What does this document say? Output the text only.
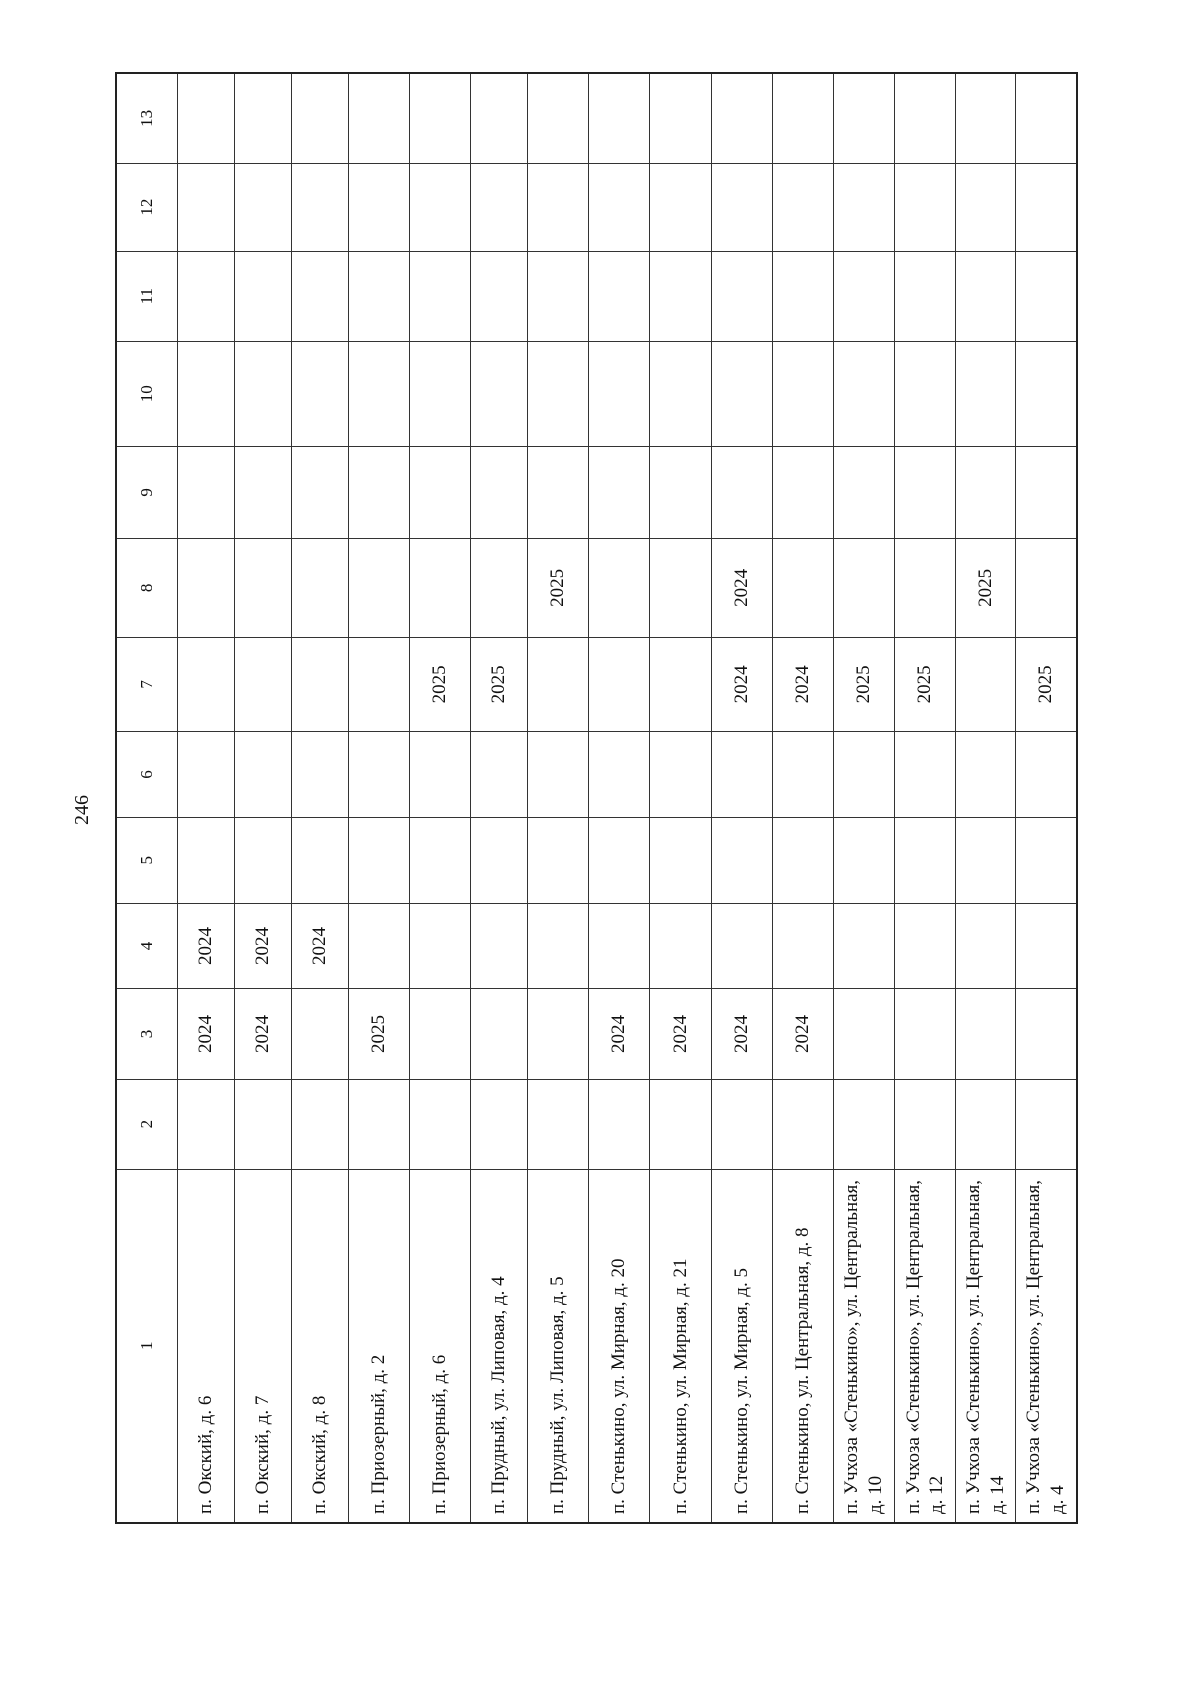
246
1	2	3	4	5	6	7	8	9	10	11	12	13
п. Окский, д. 6		2024	2024									
п. Окский, д. 7		2024	2024									
п. Окский, д. 8			2024									
п. Приозерный, д. 2		2025										
п. Приозерный, д. 6						2025						
п. Прудный, ул. Липовая, д. 4						2025						
п. Прудный, ул. Липовая, д. 5							2025					
п. Стенькино, ул. Мирная, д. 20		2024										
п. Стенькино, ул. Мирная, д. 21		2024										
п. Стенькино, ул. Мирная, д. 5		2024				2024	2024					
п. Стенькино, ул. Центральная, д. 8		2024				2024						
п. Учхоза «Стенькино», ул. Центральная, д. 10						2025						
п. Учхоза «Стенькино», ул. Центральная, д. 12						2025						
п. Учхоза «Стенькино», ул. Центральная, д. 14							2025					
п. Учхоза «Стенькино», ул. Центральная, д. 4						2025						
